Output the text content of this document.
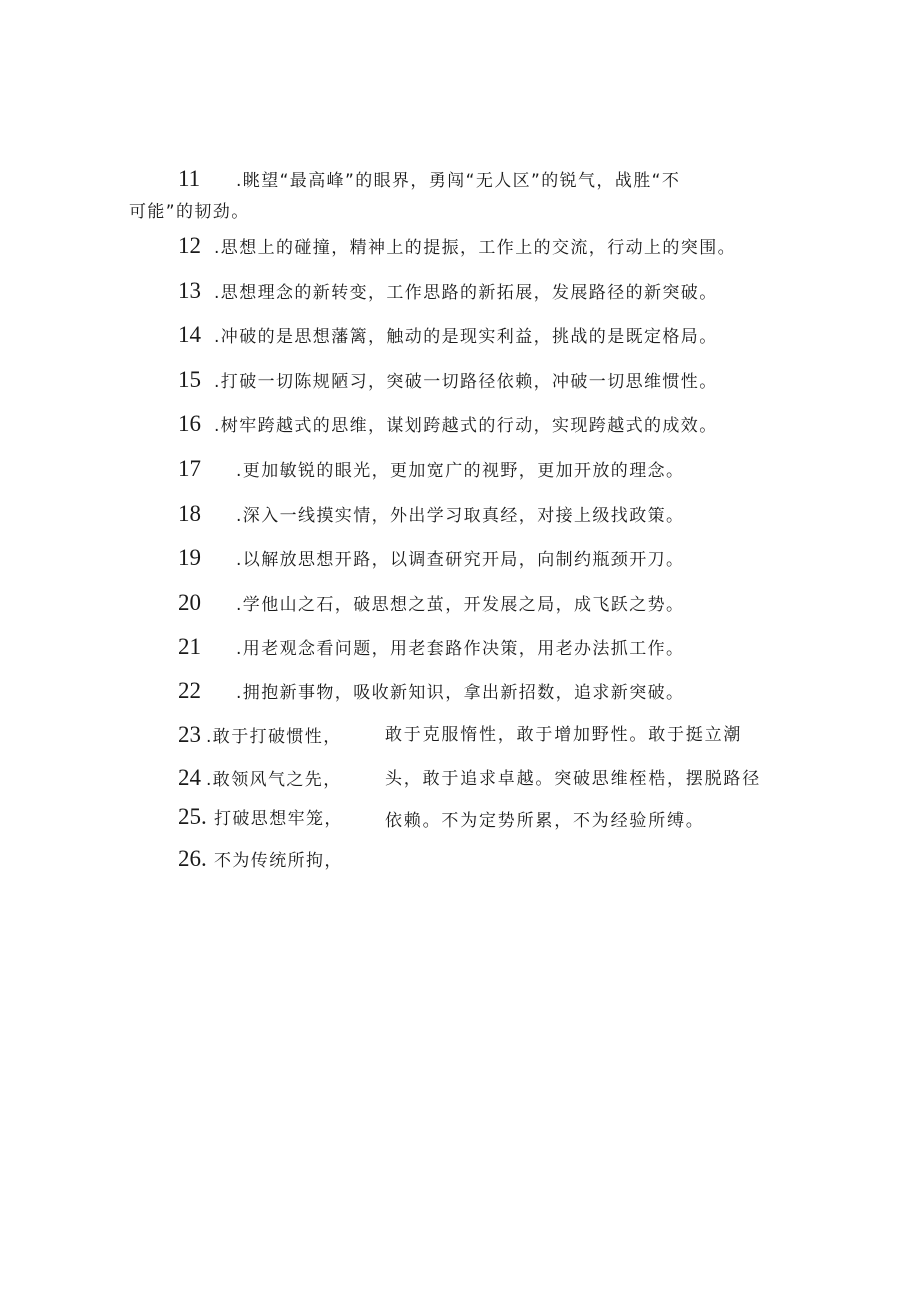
11 .眺望“最高峰”的眼界，勇闯“无人区”的锐气，战胜“不
可能”的韧劲。
12 .思想上的碰撞，精神上的提振，工作上的交流，行动上的突围。
13 .思想理念的新转变，工作思路的新拓展，发展路径的新突破。
14 .冲破的是思想藩篱，触动的是现实利益，挑战的是既定格局。
15 .打破一切陈规陋习，突破一切路径依赖，冲破一切思维惯性。
16 .树牢跨越式的思维，谋划跨越式的行动，实现跨越式的成效。
17 .更加敏锐的眼光，更加宽广的视野，更加开放的理念。
18 .深入一线摸实情，外出学习取真经，对接上级找政策。
19 .以解放思想开路，以调查研究开局，向制约瓶颈开刀。
20 .学他山之石，破思想之茧，开发展之局，成飞跃之势。
21 .用老观念看问题，用老套路作决策，用老办法抓工作。
22 .拥抱新事物，吸收新知识，拿出新招数，追求新突破。
23 .敢于打破惯性，
24 .敢领风气之先，
25. 打破思想牢笼，
26. 不为传统所拘，
敢于克服惰性，敢于增加野性。敢于挺立潮
头，敢于追求卓越。突破思维桎梏，摆脱路径
依赖。不为定势所累，不为经验所缚。
